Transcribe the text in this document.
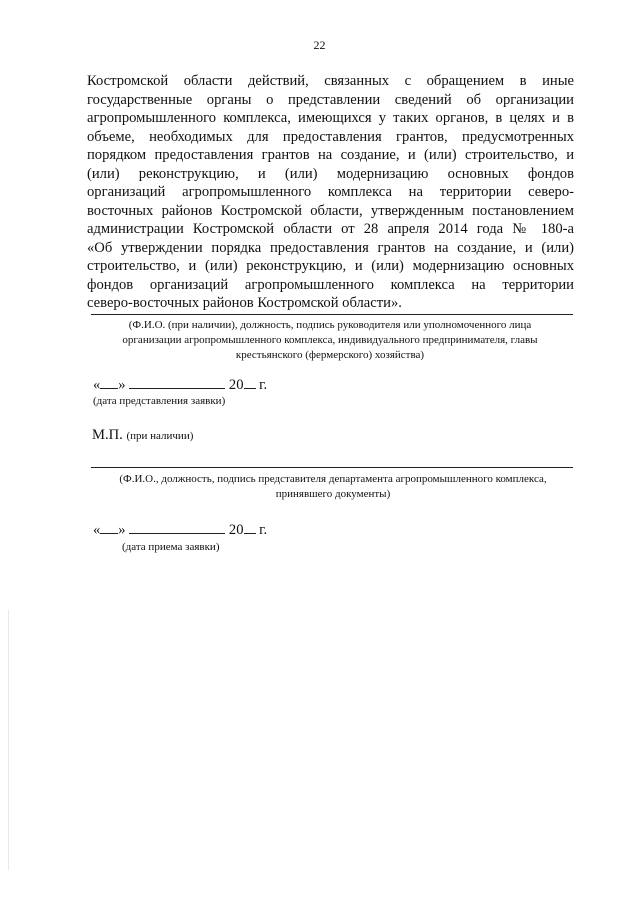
22
Костромской области действий, связанных с обращением в иные
государственные органы о представлении сведений об организации
агропромышленного комплекса, имеющихся у таких органов, в целях и в
объеме, необходимых для предоставления грантов, предусмотренных
порядком предоставления грантов на создание, и (или) строительство, и
(или) реконструкцию, и (или) модернизацию основных фондов
организаций агропромышленного комплекса на территории северо-
восточных районов Костромской области, утвержденным постановлением
администрации Костромской области от 28 апреля 2014 года № 180-а
«Об утверждении порядка предоставления грантов на создание, и (или)
строительство, и (или) реконструкцию, и (или) модернизацию основных
фондов организаций агропромышленного комплекса на территории
северо-восточных районов Костромской области».
(Ф.И.О. (при наличии), должность, подпись руководителя или уполномоченного лица
организации агропромышленного комплекса, индивидуального предпринимателя, главы
крестьянского (фермерского) хозяйства)
« »	20 г.
(дата представления заявки)
М.П. (при наличии)
(Ф.И.О., должность, подпись представителя департамента агропромышленного комплекса,
принявшего документы)
« »	20 г.
(дата приема заявки)
